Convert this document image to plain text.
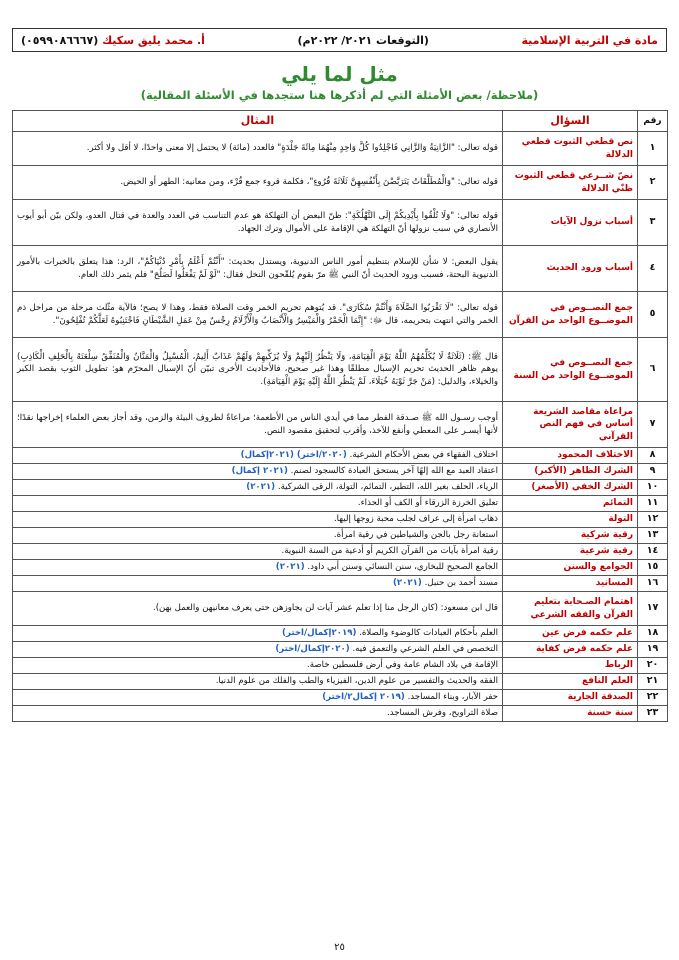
مادة في التربية الإسلامية
(التوقعات ٢٠٢١/ ٢٠٢٢م)
أ. محمد يليق سكيك (٠٥٩٩٠٨٦٦٦٧)
مثل لما يلي
(ملاحظة/ بعض الأمثلة التي لم أذكرها هنا ستجدها في الأسئلة المقالية)
رقم	السؤال	المثال
١	نص قطعي الثبوت قطعي الدلالة	قوله تعالى: "الزَّانِيَةُ وَالزَّانِي فَاجْلِدُوا كُلَّ وَاحِدٍ مِنْهُمَا مِائَةَ جَلْدَةٍ" فالعدد (مائة) لا يحتمل إلا معنى واحدًا، لا أقل ولا أكثر.
٢	نصّ شــرعي قطعي الثبوت ظنّي الدلالة	قوله تعالى: "وَالْمُطَلَّقَاتُ يَتَرَبَّصْنَ بِأَنْفُسِهِنَّ ثَلَاثَةَ قُرُوءٍ"، فكلمة قروء جمع قُرْء، ومن معانيه: الطهر أو الحيض.
٣	أسباب نزول الآيات	قوله تعالى: "وَلَا تُلْقُوا بِأَيْدِيكُمْ إِلَى التَّهْلُكَةِ": ظنّ البعض أن التهلكة هو عدم التناسب في العدد والعدة في قتال العدو، ولكن بيّن أبو أيوب الأنصاري في سبب نزولها أنّ التهلكة هي الإقامة على الأموال وترك الجهاد.
٤	أسباب ورود الحديث	يقول البعض: لا شأن للإسلام بتنظيم أمور الناس الدنيوية، ويستدل بحديث: "أَنْتُمْ أَعْلَمُ بِأَمْرِ دُنْيَاكُمْ"، الرد: هذا يتعلق بالخبرات بالأمور الدنيوية البحتة، فسبب ورود الحديث أنّ النبي ﷺ مرّ بقوم يُلقّحون النخل فقال: "لَوْ لَمْ يَفْعَلُوا لَصَلُحَ" فلم يثمر ذلك العام.
٥	جمع النصــوص في الموضــوع الواحد من القرآن	قوله تعالى: "لَا تَقْرَبُوا الصَّلَاةَ وَأَنْتُمْ سُكَارَى". قد يُتوهم تحريم الخمر وقت الصلاة فقط، وهذا لا يصح؛ فالآية مثّلت مرحلة من مراحل ذم الخمر والتي انتهت بتحريمه، قال ﷻ: "إِنَّمَا الْخَمْرُ وَالْمَيْسِرُ وَالْأَنْصَابُ وَالْأَزْلَامُ رِجْسٌ مِنْ عَمَلِ الشَّيْطَانِ فَاجْتَنِبُوهُ لَعَلَّكُمْ تُفْلِحُونَ".
٦	جمع النصــوص في الموضــوع الواحد من السنة	قال ﷺ: (ثَلَاثَةٌ لَا يُكَلِّمُهُمُ اللَّهُ يَوْمَ الْقِيَامَةِ، وَلَا يَنْظُرُ إِلَيْهِمْ وَلَا يُزَكِّيهِمْ وَلَهُمْ عَذَابٌ أَلِيمٌ، الْمُسْبِلُ وَالْمَنَّانُ وَالْمُنَفِّقُ سِلْعَتَهُ بِالْحَلِفِ الْكَاذِبِ) يوهم ظاهر الحديث تحريم الإسبال مطلقًا وهذا غير صحيح، فالأحاديث الأخرى تبيّن أنّ الإسبال المحرّم هو: تطويل الثوب بقصد الكبر والخيلاء، والدليل: (مَنْ جَرَّ ثَوْبَهُ خُيَلَاءَ، لَمْ يَنْظُرِ اللَّهُ إِلَيْهِ يَوْمَ الْقِيَامَةِ).
٧	مراعاة مقاصد الشريعة أساس في فهم النص القرآني	أوجب رسـول الله ﷺ صـدقة الفطر مما في أيدي الناس من الأطعمة؛ مراعاةً لظروف البيئة والزمن، وقد أجاز بعض العلماء إخراجها نقدًا؛ لأنها أيسـر على المعطي وأنفع للآخذ، وأقرب لتحقيق مقصود النص.
٨	الاختلاف المحمود	اختلاف الفقهاء في بعض الأحكام الشرعية. (٢٠٢٠/اختر) (٢٠٢١إكمال)
٩	الشرك الظاهر (الأكبر)	اعتقاد العبد مع الله إلهًا آخر يستحق العبادة كالسجود لصنم. (٢٠٢١ إكمال)
١٠	الشرك الخفي (الأصغر)	الرياء، الحلف بغير الله، التطير، التمائم، التولة، الرقى الشركية. (٢٠٢١)
١١	التمائم	تعليق الخرزة الزرقاء أو الكف أو الحذاء.
١٢	التولة	ذهاب امرأة إلى عراف لجلب محبة زوجها إليها.
١٣	رقية شركية	استعانة رجل بالجن والشياطين في رقية امرأة.
١٤	رقية شرعية	رقية امرأة بآيات من القرآن الكريم أو أدعية من السنة النبوية.
١٥	الجوامع والسنن	الجامع الصحيح للبخاري، سنن النسائي وسنن أبي داود. (٢٠٢١)
١٦	المسانيد	مسند أحمد بن حنبل. (٢٠٢١)
١٧	اهتمام الصـحابة بتعليم القرآن والفقه الشرعي	قال ابن مسعود: (كان الرجل منا إذا تعلم عشر آيات لن يجاوزهن حتى يعرف معانيهن والعمل بهن).
١٨	علم حكمه فرض عين	العلم بأحكام العبادات كالوضوء والصلاة. (٢٠١٩إكمال/اختر)
١٩	علم حكمه فرض كفاية	التخصص في العلم الشرعي والتعمق فيه. (٢٠٢٠إكمال/اختر)
٢٠	الرباط	الإقامة في بلاد الشام عامة وفي أرض فلسطين خاصة.
٢١	العلم النافع	الفقه والحديث والتفسير من علوم الدين، الفيزياء والطب والفلك من علوم الدنيا.
٢٢	الصدقة الجارية	حفر الآبار، وبناء المساجد. (٢٠١٩ إكمال٢/اختر)
٢٣	سنة حسنة	صلاة التراويح، وفرش المساجد.
٢٥
